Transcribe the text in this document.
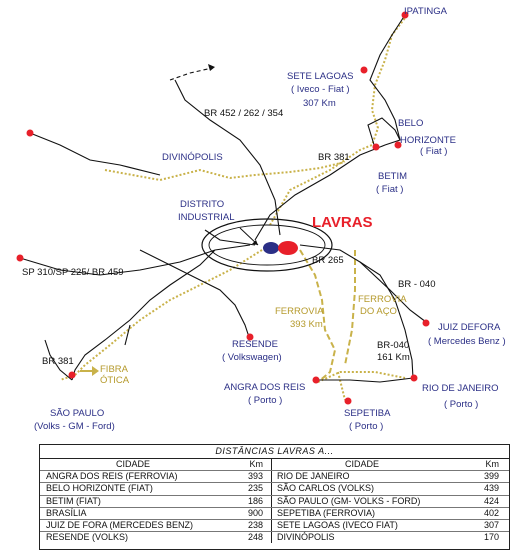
IPATINGA
SETE LAGOAS
( Iveco - Fiat )
307 Km
BR 452 / 262 / 354
BELO
HORIZONTE
( Fiat )
DIVINÓPOLIS	BR 381
BETIM
( Fiat )
DISTRITO
INDUSTRIAL	LAVRAS
BR 265
SP 310/SP 225/ BR 459
BR - 040
FERROVIA
DO AÇO
FERROVIA
393 Km	JUIZ DEFORA
( Mercedes Benz )
RESENDE
( Volkswagen)
BR-040
161 Km
BR 381
FIBRA
ÓTICA
ANGRA DOS REIS
( Porto )
RIO DE JANEIRO
( Porto )
SEPETIBA
( Porto )
SÃO PAULO
(Volks - GM - Ford)
DISTÂNCIAS LAVRAS A...
CIDADE	Km	CIDADE	Km
ANGRA DOS REIS (FERROVIA)	393	RIO DE JANEIRO	399
BELO HORIZONTE (FIAT)	235	SÃO CARLOS (VOLKS)	439
BETIM (FIAT)	186	SÃO PAULO (GM- VOLKS - FORD)	424
BRASÍLIA	900	SEPETIBA (FERROVIA)	402
JUIZ DE FORA (MERCEDES BENZ)	238	SETE LAGOAS (IVECO FIAT)	307
RESENDE (VOLKS)	248	DIVINÓPOLIS	170
